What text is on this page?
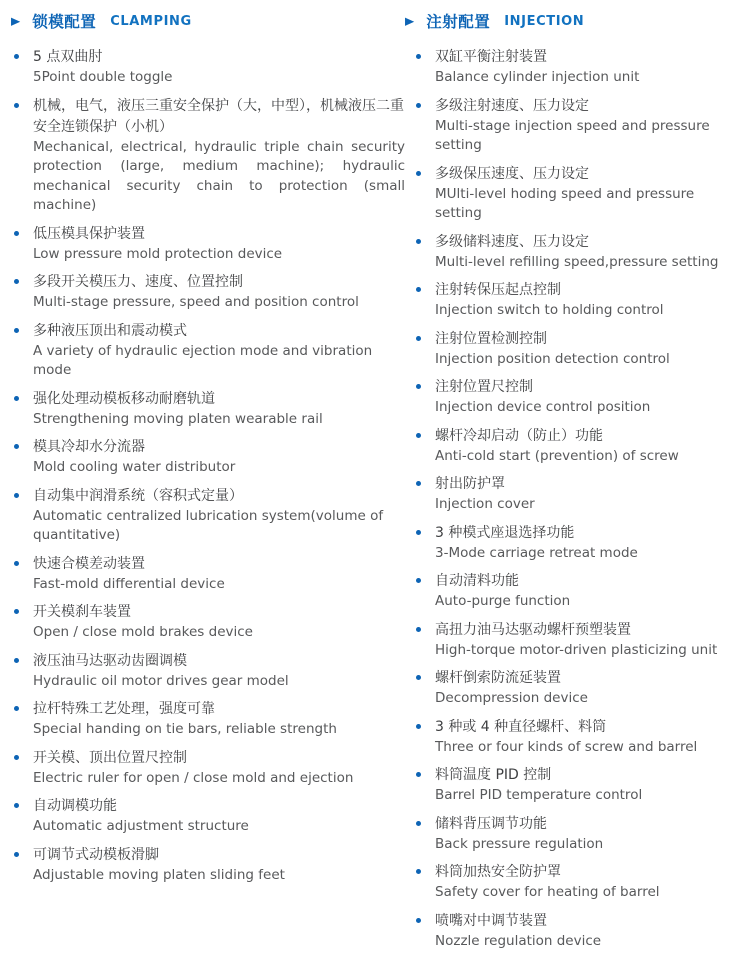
▶ 锁模配置 CLAMPING
5 点双曲肘
5Point double toggle
机械，电气，液压三重安全保护（大，中型），机械液压二重安全连锁保护（小机）
Mechanical, electrical, hydraulic triple chain security protection (large, medium machine); hydraulic mechanical security chain to protection (small machine)
低压模具保护装置
Low pressure mold protection device
多段开关模压力、速度、位置控制
Multi-stage pressure, speed and position control
多种液压顶出和震动模式
A variety of hydraulic ejection mode and vibration mode
强化处理动模板移动耐磨轨道
Strengthening moving platen wearable rail
模具冷却水分流器
Mold cooling water distributor
自动集中润滑系统（容积式定量）
Automatic centralized lubrication system(volume of quantitative)
快速合模差动装置
Fast-mold differential device
开关模刹车装置
Open / close mold brakes device
液压油马达驱动齿圈调模
Hydraulic oil motor drives gear model
拉杆特殊工艺处理，强度可靠
Special handing on tie bars, reliable strength
开关模、顶出位置尺控制
Electric ruler for open / close mold and ejection
自动调模功能
Automatic adjustment structure
可调节式动模板滑脚
Adjustable moving platen sliding feet
▶ 注射配置 INJECTION
双缸平衡注射装置
Balance cylinder injection unit
多级注射速度、压力设定
Multi-stage injection speed and pressure setting
多级保压速度、压力设定
MUlti-level hoding speed and pressure setting
多级储料速度、压力设定
Multi-level refilling speed,pressure setting
注射转保压起点控制
Injection switch to holding control
注射位置检测控制
Injection position detection control
注射位置尺控制
Injection device control position
螺杆冷却启动（防止）功能
Anti-cold start (prevention) of screw
射出防护罩
Injection cover
3 种模式座退选择功能
3-Mode carriage retreat mode
自动清料功能
Auto-purge function
高扭力油马达驱动螺杆预塑装置
High-torque motor-driven plasticizing unit
螺杆倒索防流延装置
Decompression device
3 种或 4 种直径螺杆、料筒
Three or four kinds of screw and barrel
料筒温度 PID 控制
Barrel PID temperature control
储料背压调节功能
Back pressure regulation
料筒加热安全防护罩
Safety cover for heating of barrel
喷嘴对中调节装置
Nozzle regulation device
